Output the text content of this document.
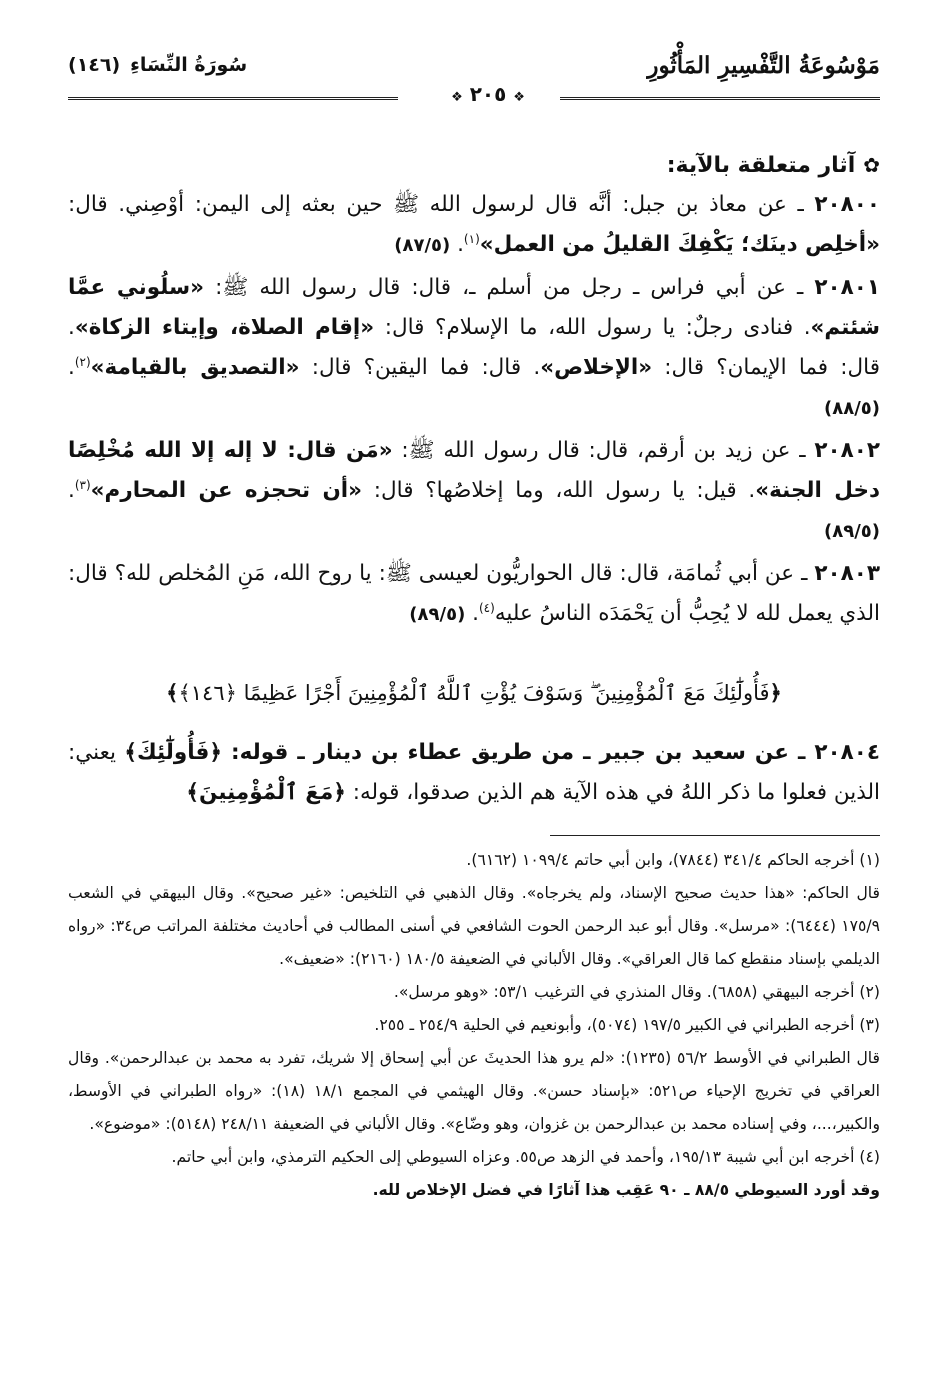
مَوْسُوعَةُ التَّفْسِيرِ المَأْثُورِ
❖ ٢٠٥ ❖
سُورَةُ النِّسَاءِ
(١٤٦)
✿آثار متعلقة بالآية:
٢٠٨٠٠ ـ عن معاذ بن جبل: أنَّه قال لرسول الله ﷺ حين بعثه إلى اليمن: أوْصِني. قال: «أخلِص دينَك؛ يَكْفِكَ القليلُ من العمل»$^{(١)}$. (٨٧/٥)
٢٠٨٠١ ـ عن أبي فراس ـ رجل من أسلم ـ، قال: قال رسول الله ﷺ: «سلُوني عمَّا شئتم». فنادى رجلٌ: يا رسول الله، ما الإسلام؟ قال: «إقام الصلاة، وإيتاء الزكاة». قال: فما الإيمان؟ قال: «الإخلاص». قال: فما اليقين؟ قال: «التصديق بالقيامة»$^{(٢)}$. (٨٨/٥)
٢٠٨٠٢ ـ عن زيد بن أرقم، قال: قال رسول الله ﷺ: «مَن قال: لا إله إلا الله مُخْلِصًا دخل الجنة». قيل: يا رسول الله، وما إخلاصُها؟ قال: «أن تحجزه عن المحارم»$^{(٣)}$. (٨٩/٥)
٢٠٨٠٣ ـ عن أبي ثُمامَة، قال: قال الحواريُّون لعيسى ﷺ: يا روح الله، مَنِ المُخلص لله؟ قال: الذي يعمل لله لا يُحِبُّ أن يَحْمَدَه الناسُ عليه$^{(٤)}$. (٨٩/٥)
﴿فَأُولَٰٓئِكَ مَعَ ٱلْمُؤْمِنِينَ ۖ وَسَوْفَ يُؤْتِ ٱللَّهُ ٱلْمُؤْمِنِينَ أَجْرًا عَظِيمًا ﴿١٤٦﴾﴾
٢٠٨٠٤ ـ عن سعيد بن جبير ـ من طريق عطاء بن دينار ـ قوله: ﴿فَأُولَٰٓئِكَ﴾ يعني: الذين فعلوا ما ذكر اللهُ في هذه الآية هم الذين صدقوا، قوله: ﴿مَعَ ٱلْمُؤْمِنِينَ﴾
(١) أخرجه الحاكم ٣٤١/٤ (٧٨٤٤)، وابن أبي حاتم ١٠٩٩/٤ (٦١٦٢).
قال الحاكم: «هذا حديث صحيح الإسناد، ولم يخرجاه». وقال الذهبي في التلخيص: «غير صحيح». وقال البيهقي في الشعب ١٧٥/٩ (٦٤٤٤): «مرسل». وقال أبو عبد الرحمن الحوت الشافعي في أسنى المطالب في أحاديث مختلفة المراتب ص٣٤: «رواه الديلمي بإسناد منقطع كما قال العراقي». وقال الألباني في الضعيفة ١٨٠/٥ (٢١٦٠): «ضعيف».
(٢) أخرجه البيهقي (٦٨٥٨). وقال المنذري في الترغيب ٥٣/١: «وهو مرسل».
(٣) أخرجه الطبراني في الكبير ١٩٧/٥ (٥٠٧٤)، وأبونعيم في الحلية ٢٥٤/٩ ـ ٢٥٥.
قال الطبراني في الأوسط ٥٦/٢ (١٢٣٥): «لم يرو هذا الحديثَ عن أبي إسحاق إلا شريك، تفرد به محمد بن عبدالرحمن». وقال العراقي في تخريج الإحياء ص٥٢١: «بإسناد حسن». وقال الهيثمي في المجمع ١٨/١ (١٨): «رواه الطبراني في الأوسط، والكبير،...، وفي إسناده محمد بن عبدالرحمن بن غزوان، وهو وضّاع». وقال الألباني في الضعيفة ٢٤٨/١١ (٥١٤٨): «موضوع».
(٤) أخرجه ابن أبي شيبة ١٩٥/١٣، وأحمد في الزهد ص٥٥. وعزاه السيوطي إلى الحكيم الترمذي، وابن أبي حاتم.
وقد أورد السيوطي ٨٨/٥ ـ ٩٠ عَقِب هذا آثارًا في فضل الإخلاص لله.
